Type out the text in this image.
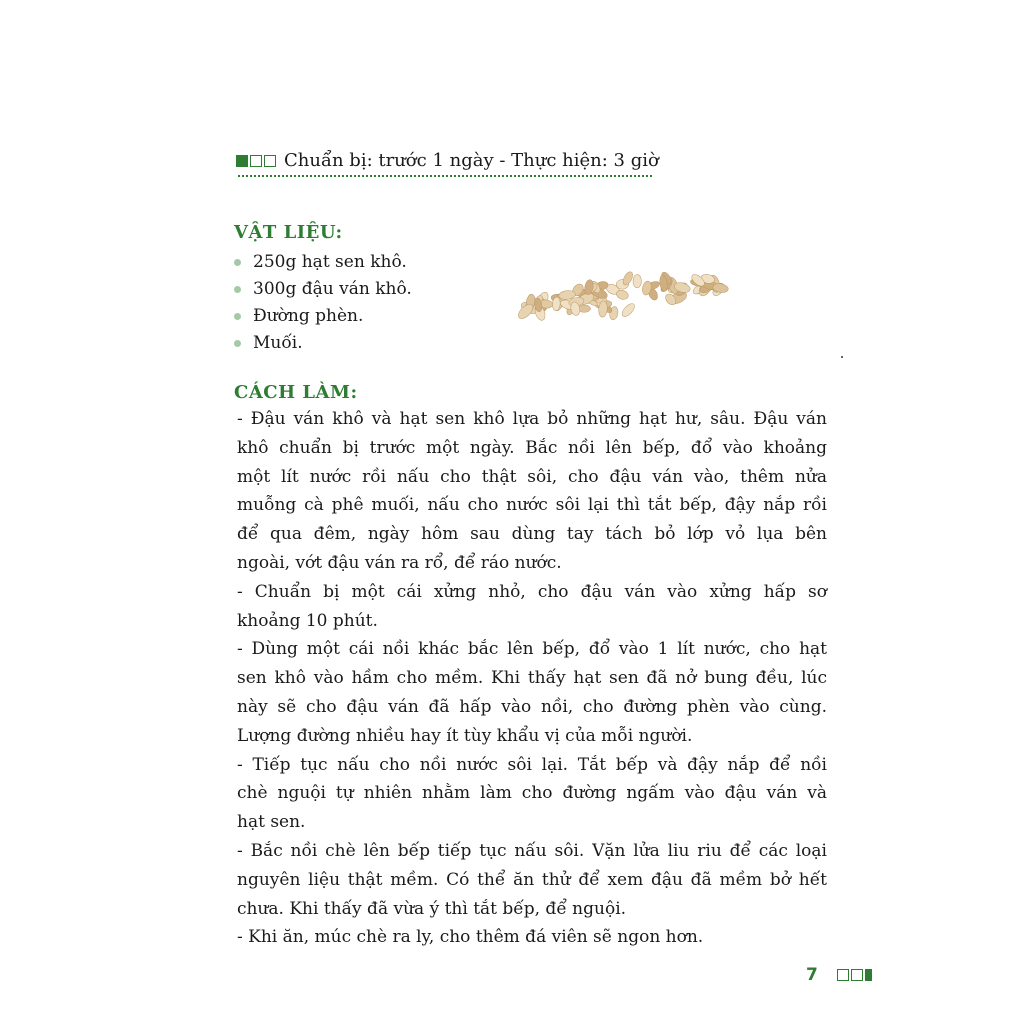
Chuẩn bị: trước 1 ngày - Thực hiện: 3 giờ
VẬT LIỆU:
250g hạt sen khô.
300g đậu ván khô.
Đường phèn.
Muối.
CÁCH LÀM:
- Đậu ván khô và hạt sen khô lựa bỏ những hạt hư, sâu. Đậu ván
khô chuẩn bị trước một ngày. Bắc nồi lên bếp, đổ vào khoảng
một lít nước rồi nấu cho thật sôi, cho đậu ván vào, thêm nửa
muỗng cà phê muối, nấu cho nước sôi lại thì tắt bếp, đậy nắp rồi
để qua đêm, ngày hôm sau dùng tay tách bỏ lớp vỏ lụa bên
ngoài, vớt đậu ván ra rổ, để ráo nước.
- Chuẩn bị một cái xửng nhỏ, cho đậu ván vào xửng hấp sơ
khoảng 10 phút.
- Dùng một cái nồi khác bắc lên bếp, đổ vào 1 lít nước, cho hạt
sen khô vào hầm cho mềm. Khi thấy hạt sen đã nở bung đều, lúc
này sẽ cho đậu ván đã hấp vào nồi, cho đường phèn vào cùng.
Lượng đường nhiều hay ít tùy khẩu vị của mỗi người.
- Tiếp tục nấu cho nồi nước sôi lại. Tắt bếp và đậy nắp để nồi
chè nguội tự nhiên nhằm làm cho đường ngấm vào đậu ván và
hạt sen.
- Bắc nồi chè lên bếp tiếp tục nấu sôi. Vặn lửa liu riu để các loại
nguyên liệu thật mềm. Có thể ăn thử để xem đậu đã mềm bở hết
chưa. Khi thấy đã vừa ý thì tắt bếp, để nguội.
- Khi ăn, múc chè ra ly, cho thêm đá viên sẽ ngon hơn.
7
